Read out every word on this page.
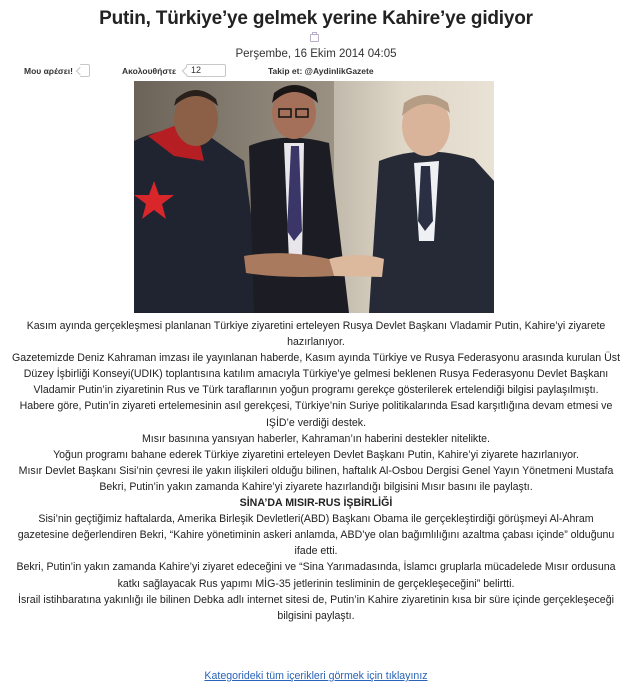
Putin, Türkiye’ye gelmek yerine Kahire’ye gidiyor
Perşembe, 16 Ekim 2014 04:05
Μου αρέσει!	Ακολουθήστε	12	Takip et: @AydinlikGazete

Kasım ayında gerçekleşmesi planlanan Türkiye ziyaretini erteleyen Rusya Devlet Başkanı Vladamir Putin, Kahire’yi ziyarete

hazırlanıyor.

Gazetemizde Deniz Kahraman imzası ile yayınlanan haberde, Kasım ayında Türkiye ve Rusya Federasyonu arasında kurulan Üst

Düzey İşbirliği Konseyi(UDIK) toplantısına katılım amacıyla Türkiye’ye gelmesi beklenen Rusya Federasyonu Devlet Başkanı

Vladamir Putin’in ziyaretinin Rus ve Türk taraflarının yoğun programı gerekçe gösterilerek ertelendiği bilgisi paylaşılmıştı.

Habere göre, Putin’in ziyareti ertelemesinin asıl gerekçesi, Türkiye’nin Suriye politikalarında Esad karşıtlığına devam etmesi ve

IŞİD’e verdiği destek.

Mısır basınına yansıyan haberler, Kahraman’ın haberini destekler nitelikte.

Yoğun programı bahane ederek Türkiye ziyaretini erteleyen Devlet Başkanı Putin, Kahire’yi ziyarete hazırlanıyor.

Mısır Devlet Başkanı Sisi’nin çevresi ile yakın ilişkileri olduğu bilinen, haftalık Al-Osbou Dergisi Genel Yayın Yönetmeni Mustafa

Bekri, Putin’in yakın zamanda Kahire’yi ziyarete hazırlandığı bilgisini Mısır basını ile paylaştı.

SİNA’DA MISIR-RUS İŞBİRLİĞİ

Sisi’nin geçtiğimiz haftalarda, Amerika Birleşik Devletleri(ABD) Başkanı Obama ile gerçekleştirdiği görüşmeyi Al-Ahram

gazetesine değerlendiren Bekri, “Kahire yönetiminin askeri anlamda, ABD’ye olan bağımlılığını azaltma çabası içinde” olduğunu

ifade etti.

Bekri, Putin’in yakın zamanda Kahire’yi ziyaret edeceğini ve “Sina Yarımadasında, İslamcı gruplarla mücadelede Mısır ordusuna

katkı sağlayacak Rus yapımı MİG-35 jetlerinin tesliminin de gerçekleşeceğini” belirtti.

İsrail istihbaratına yakınlığı ile bilinen Debka adlı internet sitesi de, Putin’in Kahire ziyaretinin kısa bir süre içinde gerçekleşeceği

bilgisini paylaştı.

Kategorideki tüm içerikleri görmek için tıklayınız
